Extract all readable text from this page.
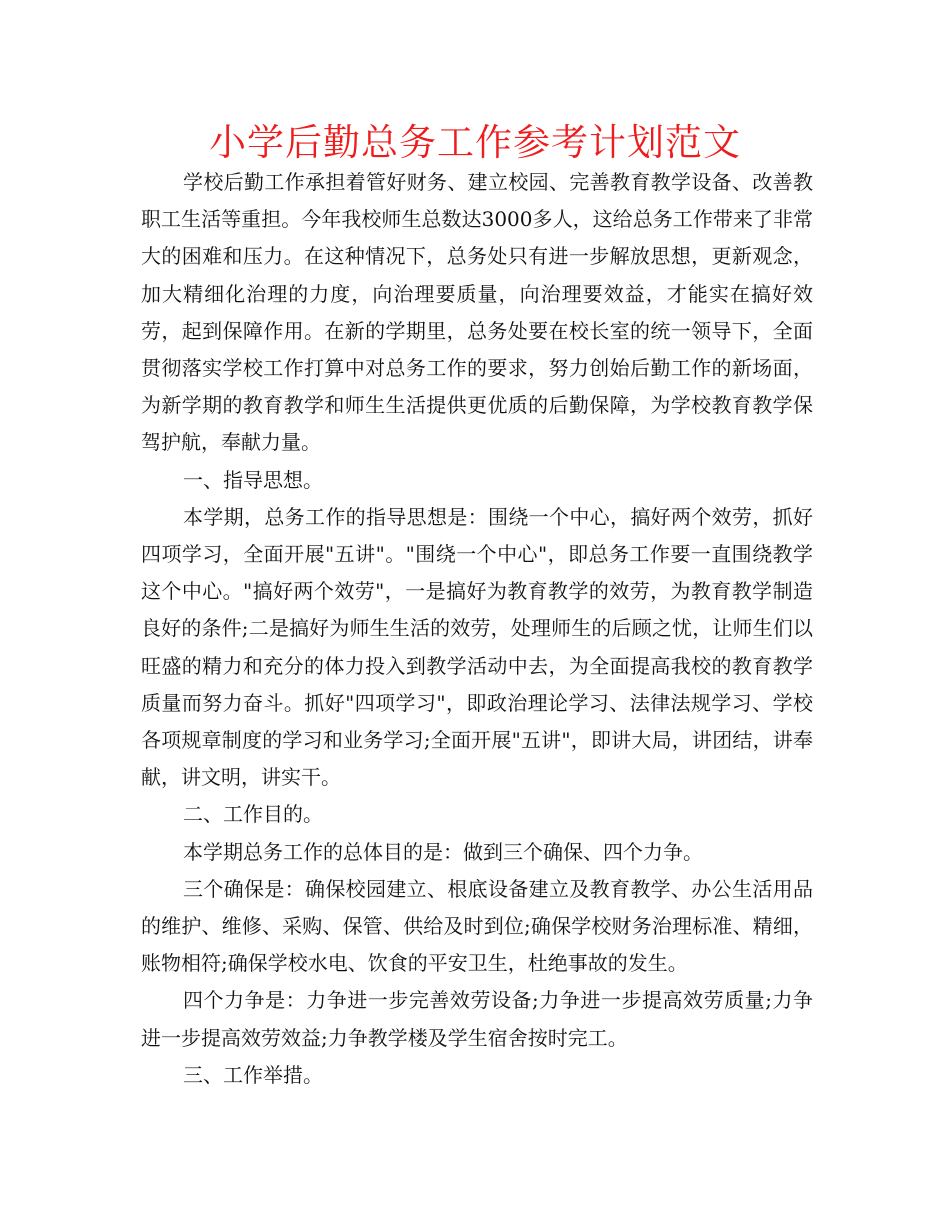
小学后勤总务工作参考计划范文

学校后勤工作承担着管好财务、建立校园、完善教育教学设备、改善教职工生活等重担。今年我校师生总数达3000多人，这给总务工作带来了非常大的困难和压力。在这种情况下，总务处只有进一步解放思想，更新观念，加大精细化治理的力度，向治理要质量，向治理要效益，才能实在搞好效劳，起到保障作用。在新的学期里，总务处要在校长室的统一领导下，全面贯彻落实学校工作打算中对总务工作的要求，努力创始后勤工作的新场面，为新学期的教育教学和师生生活提供更优质的后勤保障，为学校教育教学保驾护航，奉献力量。

一、指导思想。

本学期，总务工作的指导思想是：围绕一个中心，搞好两个效劳，抓好四项学习，全面开展"五讲"。"围绕一个中心"，即总务工作要一直围绕教学这个中心。"搞好两个效劳"，一是搞好为教育教学的效劳，为教育教学制造良好的条件;二是搞好为师生生活的效劳，处理师生的后顾之忧，让师生们以旺盛的精力和充分的体力投入到教学活动中去，为全面提高我校的教育教学质量而努力奋斗。抓好"四项学习"，即政治理论学习、法律法规学习、学校各项规章制度的学习和业务学习;全面开展"五讲"，即讲大局，讲团结，讲奉献，讲文明，讲实干。

二、工作目的。

本学期总务工作的总体目的是：做到三个确保、四个力争。

三个确保是：确保校园建立、根底设备建立及教育教学、办公生活用品的维护、维修、采购、保管、供给及时到位;确保学校财务治理标准、精细，账物相符;确保学校水电、饮食的平安卫生，杜绝事故的发生。

四个力争是：力争进一步完善效劳设备;力争进一步提高效劳质量;力争进一步提高效劳效益;力争教学楼及学生宿舍按时完工。

三、工作举措。
